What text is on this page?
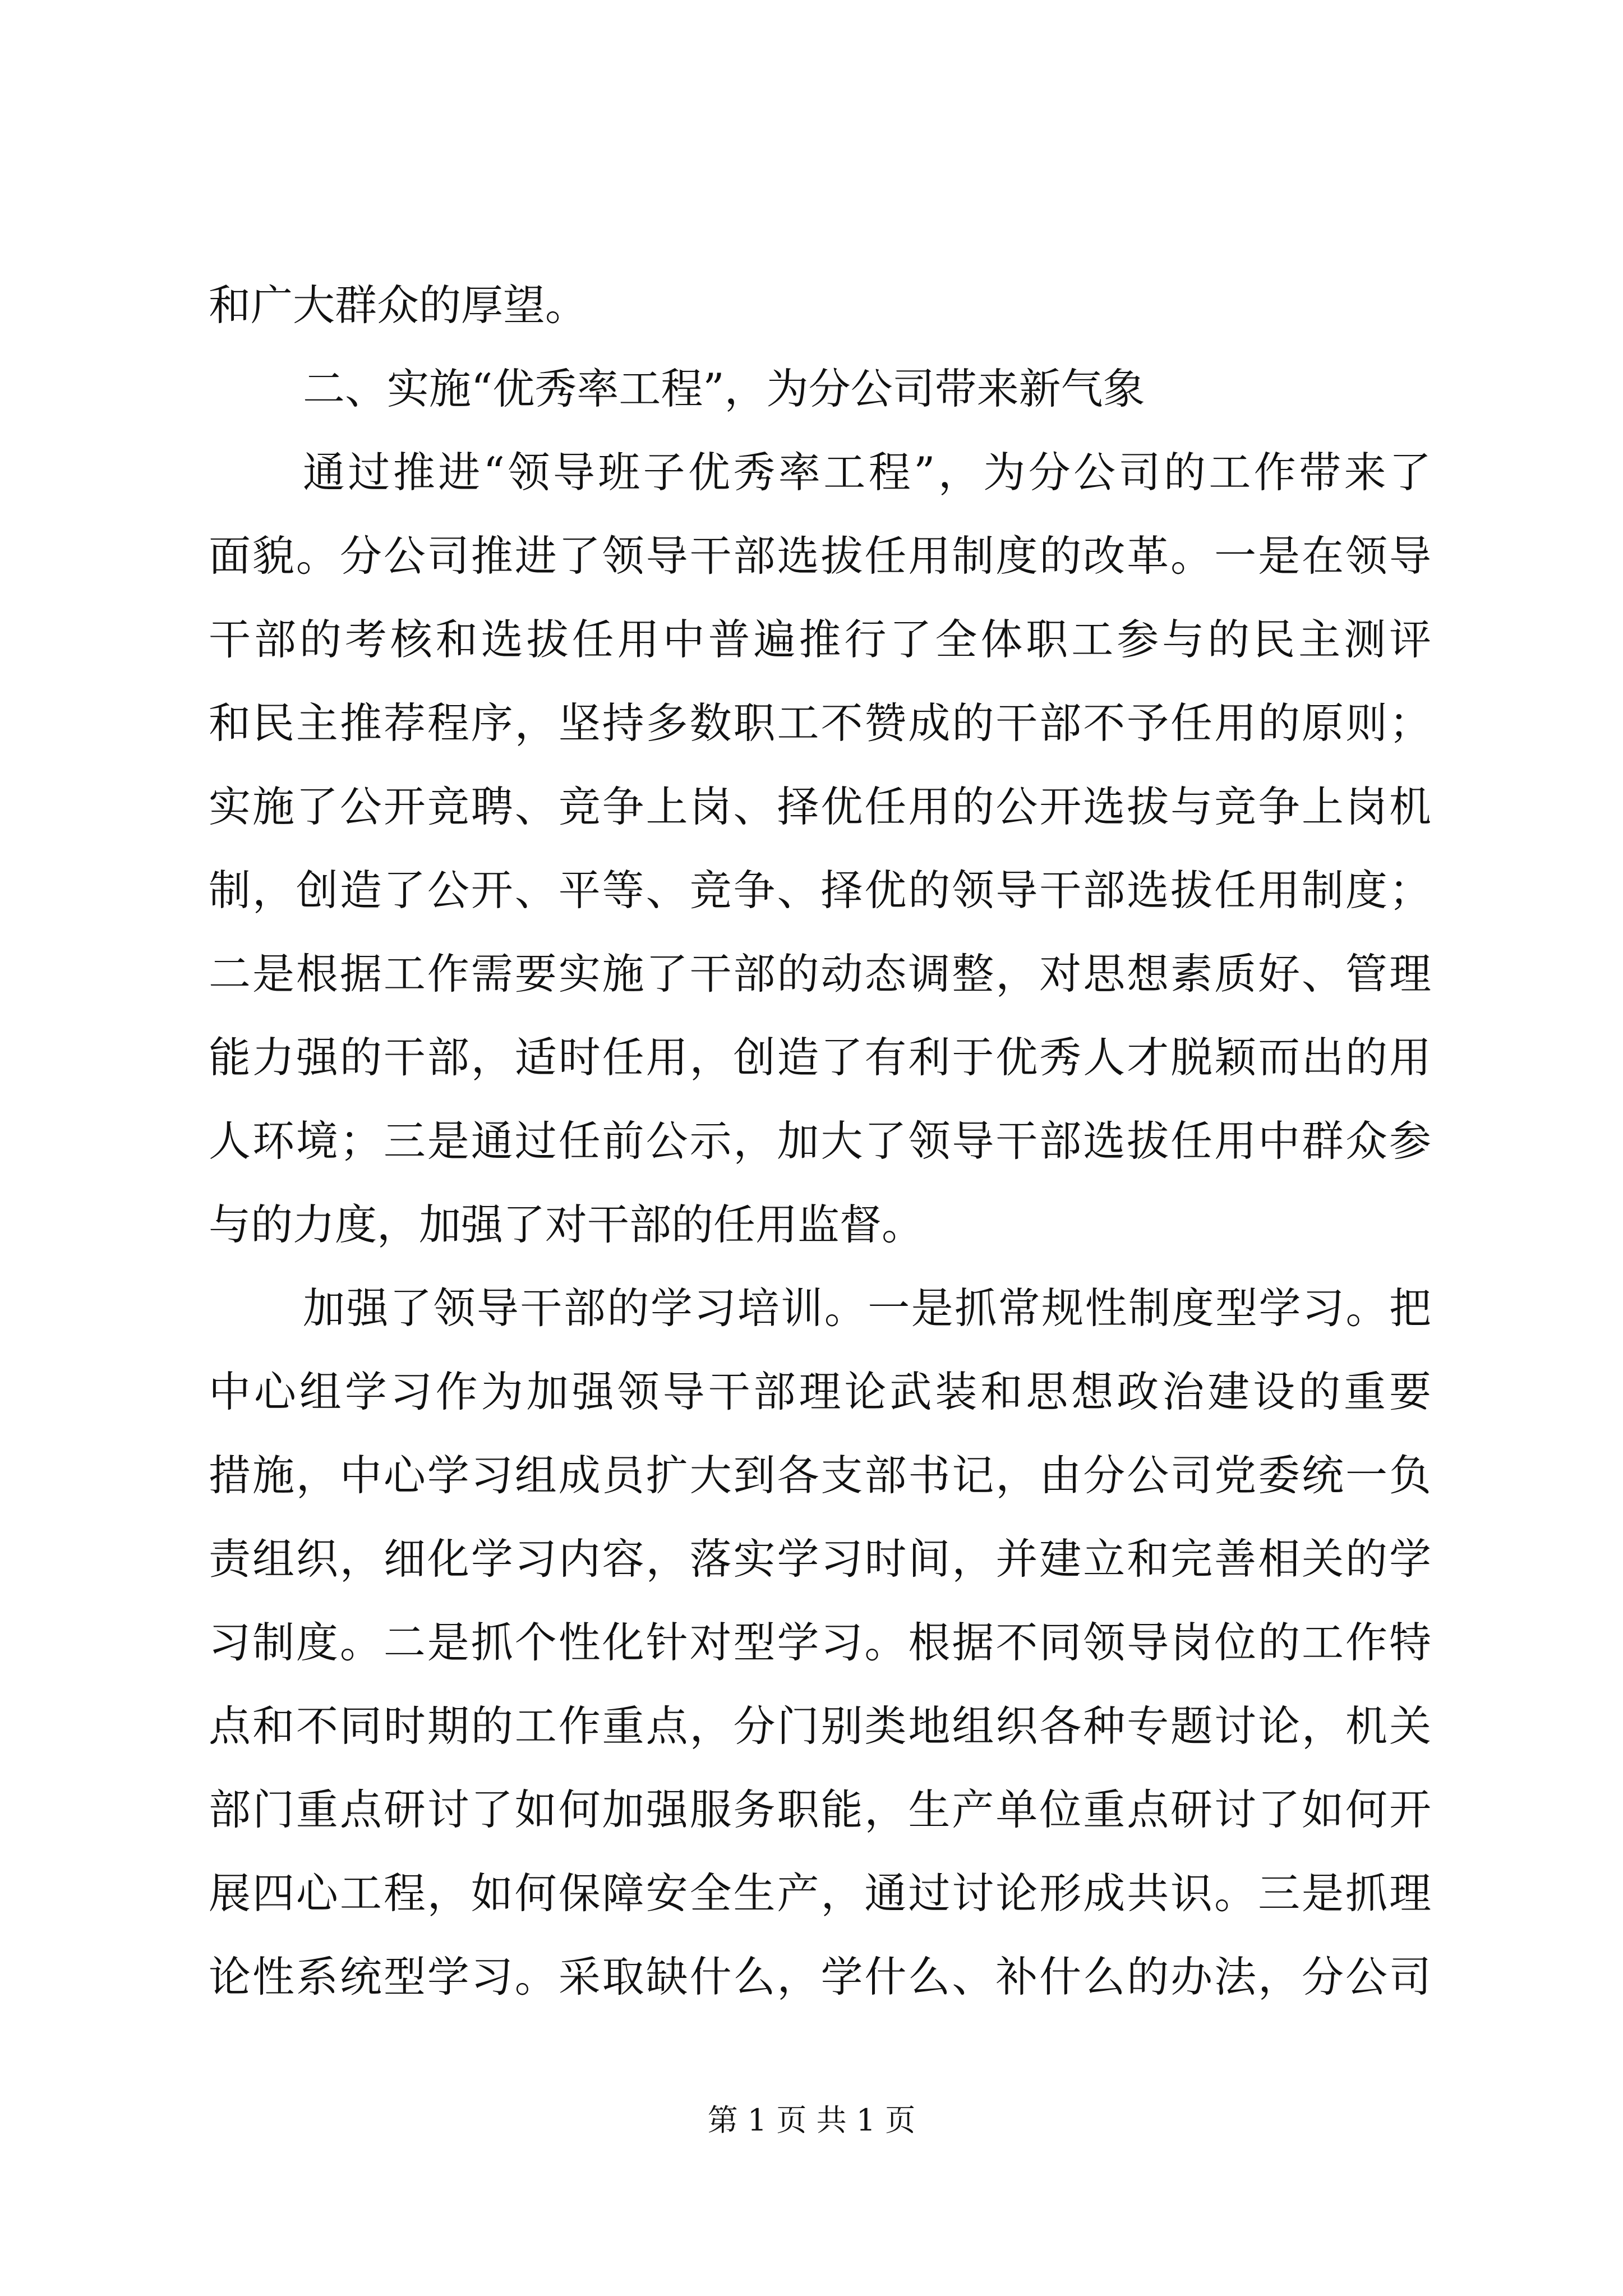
和广大群众的厚望。
二、实施“优秀率工程”，为分公司带来新气象
通过推进“领导班子优秀率工程”，为分公司的工作带来了
面貌。分公司推进了领导干部选拔任用制度的改革。一是在领导
干部的考核和选拔任用中普遍推行了全体职工参与的民主测评
和民主推荐程序，坚持多数职工不赞成的干部不予任用的原则；
实施了公开竞聘、竞争上岗、择优任用的公开选拔与竞争上岗机
制，创造了公开、平等、竞争、择优的领导干部选拔任用制度；
二是根据工作需要实施了干部的动态调整，对思想素质好、管理
能力强的干部，适时任用，创造了有利于优秀人才脱颖而出的用
人环境；三是通过任前公示，加大了领导干部选拔任用中群众参
与的力度，加强了对干部的任用监督。
加强了领导干部的学习培训。一是抓常规性制度型学习。把
中心组学习作为加强领导干部理论武装和思想政治建设的重要
措施，中心学习组成员扩大到各支部书记，由分公司党委统一负
责组织，细化学习内容，落实学习时间，并建立和完善相关的学
习制度。二是抓个性化针对型学习。根据不同领导岗位的工作特
点和不同时期的工作重点，分门别类地组织各种专题讨论，机关
部门重点研讨了如何加强服务职能，生产单位重点研讨了如何开
展四心工程，如何保障安全生产，通过讨论形成共识。三是抓理
论性系统型学习。采取缺什么，学什么、补什么的办法，分公司
第 1 页 共 1 页
